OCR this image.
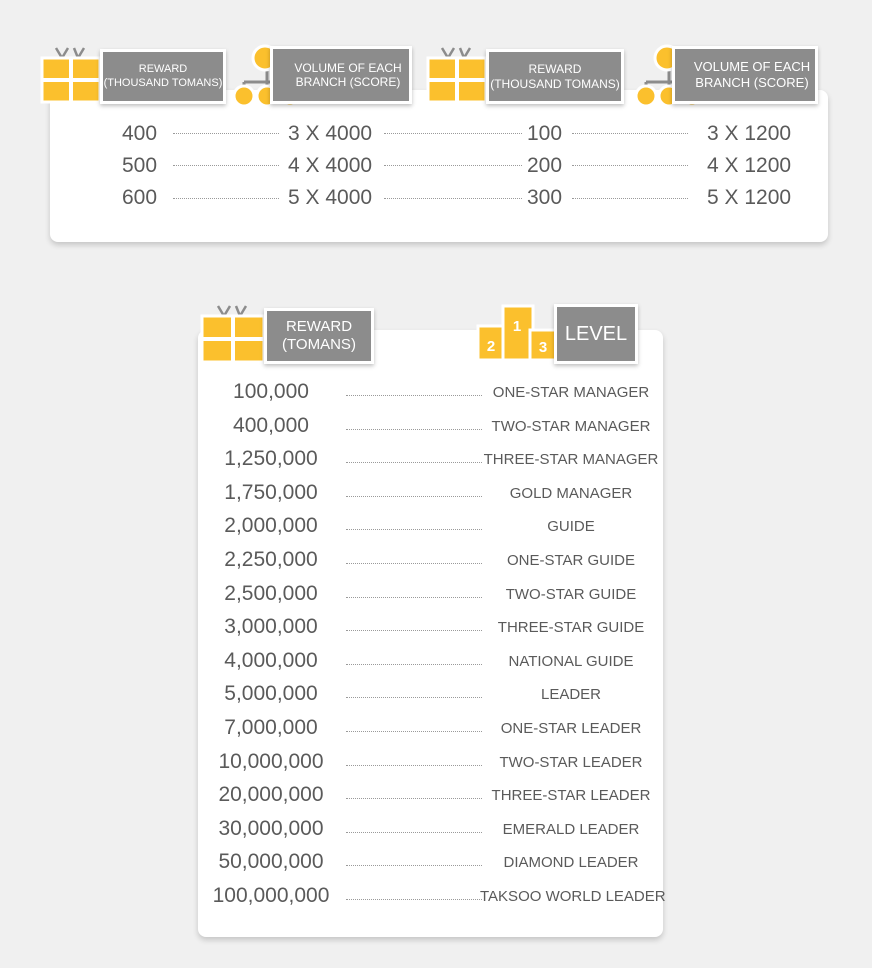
REWARD
(THOUSAND TOMANS)
VOLUME OF EACH
BRANCH (SCORE)
REWARD
(THOUSAND TOMANS)
VOLUME OF EACH
BRANCH (SCORE)
400	3 X 4000	100	3 X 1200
500	4 X 4000	200	4 X 1200
600	5 X 4000	300	5 X 1200
REWARD
(TOMANS)	2
1
3
LEVEL
100,000	ONE-STAR MANAGER
400,000	TWO-STAR MANAGER
1,250,000	THREE-STAR MANAGER
1,750,000	GOLD MANAGER
2,000,000	GUIDE
2,250,000	ONE-STAR GUIDE
2,500,000	TWO-STAR GUIDE
3,000,000	THREE-STAR GUIDE
4,000,000	NATIONAL GUIDE
5,000,000	LEADER
7,000,000	ONE-STAR LEADER
10,000,000	TWO-STAR LEADER
20,000,000	THREE-STAR LEADER
30,000,000	EMERALD LEADER
50,000,000	DIAMOND LEADER
100,000,000	TAKSOO WORLD LEADER
